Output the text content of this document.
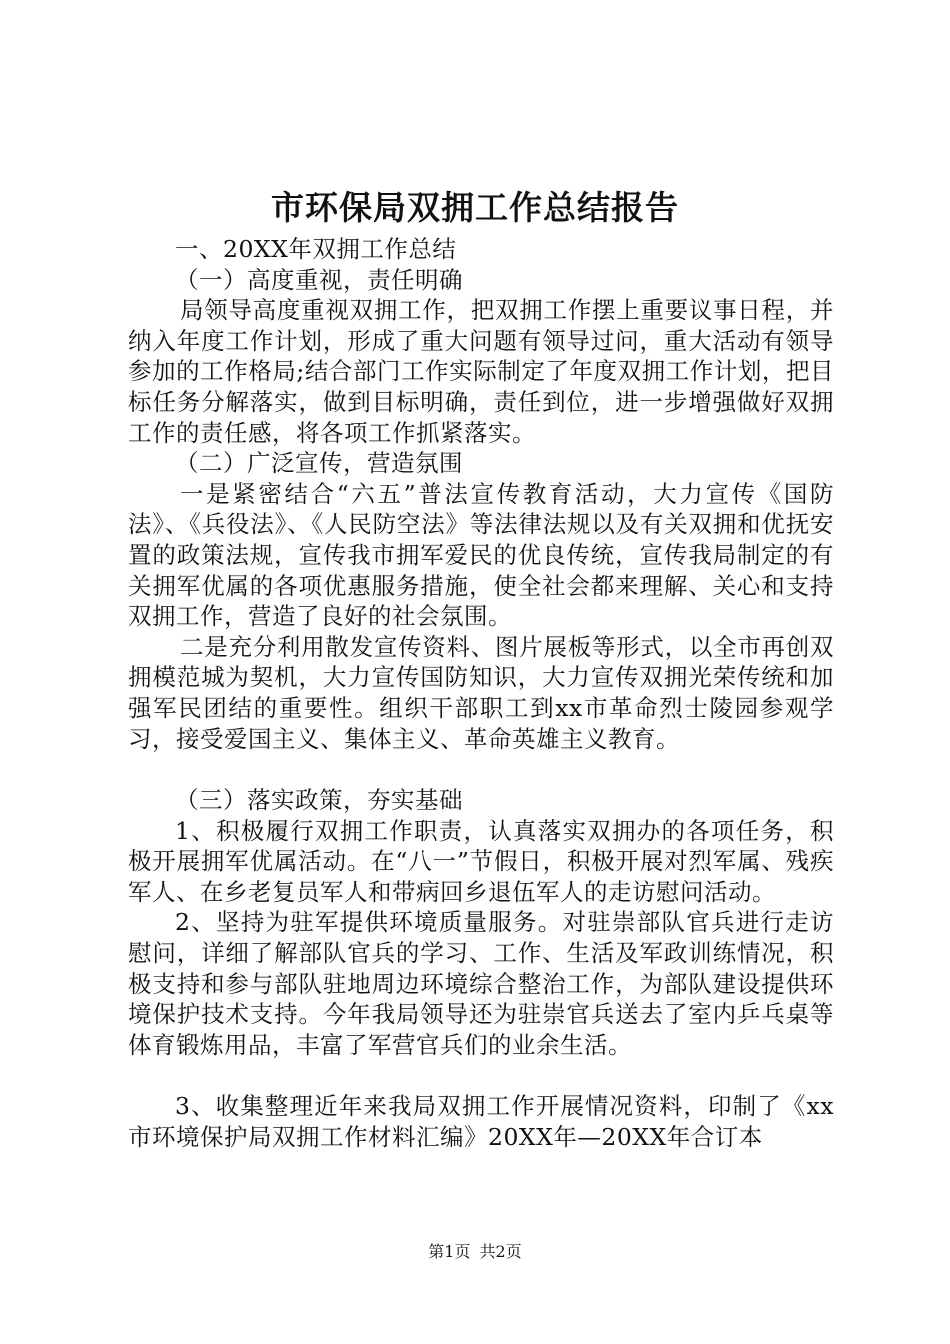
市环保局双拥工作总结报告

一、20XX年双拥工作总结

（一）高度重视，责任明确

局领导高度重视双拥工作，把双拥工作摆上重要议事日程，并纳入年度工作计划，形成了重大问题有领导过问，重大活动有领导参加的工作格局;结合部门工作实际制定了年度双拥工作计划，把目标任务分解落实，做到目标明确，责任到位，进一步增强做好双拥工作的责任感，将各项工作抓紧落实。

（二）广泛宣传，营造氛围

一是紧密结合“六五”普法宣传教育活动，大力宣传《国防法》、《兵役法》、《人民防空法》等法律法规以及有关双拥和优抚安置的政策法规，宣传我市拥军爱民的优良传统，宣传我局制定的有关拥军优属的各项优惠服务措施，使全社会都来理解、关心和支持双拥工作，营造了良好的社会氛围。

二是充分利用散发宣传资料、图片展板等形式，以全市再创双拥模范城为契机，大力宣传国防知识，大力宣传双拥光荣传统和加强军民团结的重要性。组织干部职工到xx市革命烈士陵园参观学习，接受爱国主义、集体主义、革命英雄主义教育。

（三）落实政策，夯实基础

1、积极履行双拥工作职责，认真落实双拥办的各项任务，积极开展拥军优属活动。在“八一”节假日，积极开展对烈军属、残疾军人、在乡老复员军人和带病回乡退伍军人的走访慰问活动。

2、坚持为驻军提供环境质量服务。对驻崇部队官兵进行走访慰问，详细了解部队官兵的学习、工作、生活及军政训练情况，积极支持和参与部队驻地周边环境综合整治工作，为部队建设提供环境保护技术支持。今年我局领导还为驻崇官兵送去了室内乒乓桌等体育锻炼用品，丰富了军营官兵们的业余生活。

3、收集整理近年来我局双拥工作开展情况资料，印制了《xx市环境保护局双拥工作材料汇编》20XX年—20XX年合订本

第1页 共2页
